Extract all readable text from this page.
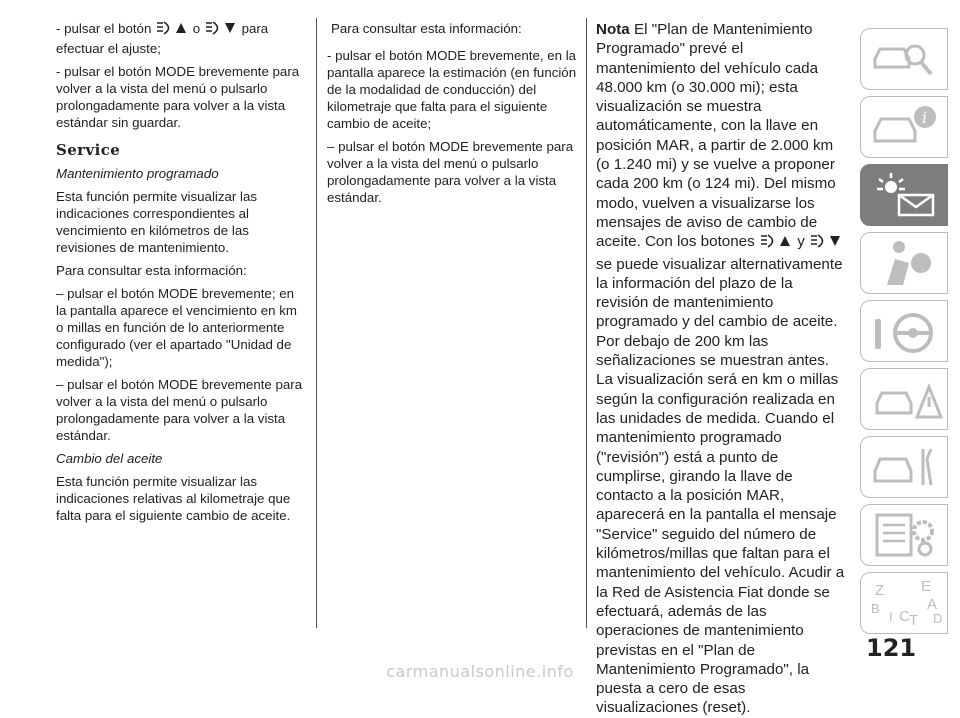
- pulsar el botón	o	para efectuar el ajuste;

- pulsar el botón MODE brevemente para volver a la vista del menú o pulsarlo prolongadamente para volver a la vista estándar sin guardar.

Service

Mantenimiento programado

Esta función permite visualizar las indicaciones correspondientes al vencimiento en kilómetros de las revisiones de mantenimiento.

Para consultar esta información:

– pulsar el botón MODE brevemente; en la pantalla aparece el vencimiento en km o millas en función de lo anteriormente configurado (ver el apartado "Unidad de medida");

– pulsar el botón MODE brevemente para volver a la vista del menú o pulsarlo prolongadamente para volver a la vista estándar.

Cambio del aceite

Esta función permite visualizar las indicaciones relativas al kilometraje que falta para el siguiente cambio de aceite.

Para consultar esta información:

- pulsar el botón MODE brevemente, en la pantalla aparece la estimación (en función de la modalidad de conducción) del kilometraje que falta para el siguiente cambio de aceite;

– pulsar el botón MODE brevemente para volver a la vista del menú o pulsarlo prolongadamente para volver a la vista estándar.

Nota El "Plan de Mantenimiento Programado" prevé el mantenimiento del vehículo cada 48.000 km (o 30.000 mi); esta visualización se muestra automáticamente, con la llave en posición MAR, a partir de 2.000 km (o 1.240 mi) y se vuelve a proponer cada 200 km (o 124 mi). Del mismo modo, vuelven a visualizarse los mensajes de aviso de cambio de aceite. Con los botones	y  se puede visualizar alternativamente la información del plazo de la revisión de mantenimiento programado y del cambio de aceite. Por debajo de 200 km las señalizaciones se muestran antes. La visualización será en km o millas según la configuración realizada en las unidades de medida. Cuando el mantenimiento programado ("revisión") está a punto de cumplirse, girando la llave de contacto a la posición MAR, aparecerá en la pantalla el mensaje "Service" seguido del número de kilómetros/millas que faltan para el mantenimiento del vehículo. Acudir a la Red de Asistencia Fiat donde se efectuará, además de las operaciones de mantenimiento previstas en el "Plan de Mantenimiento Programado", la puesta a cero de esas visualizaciones (reset).

i
Z E
A
B C T D
I
121
carmanualsonline.info
